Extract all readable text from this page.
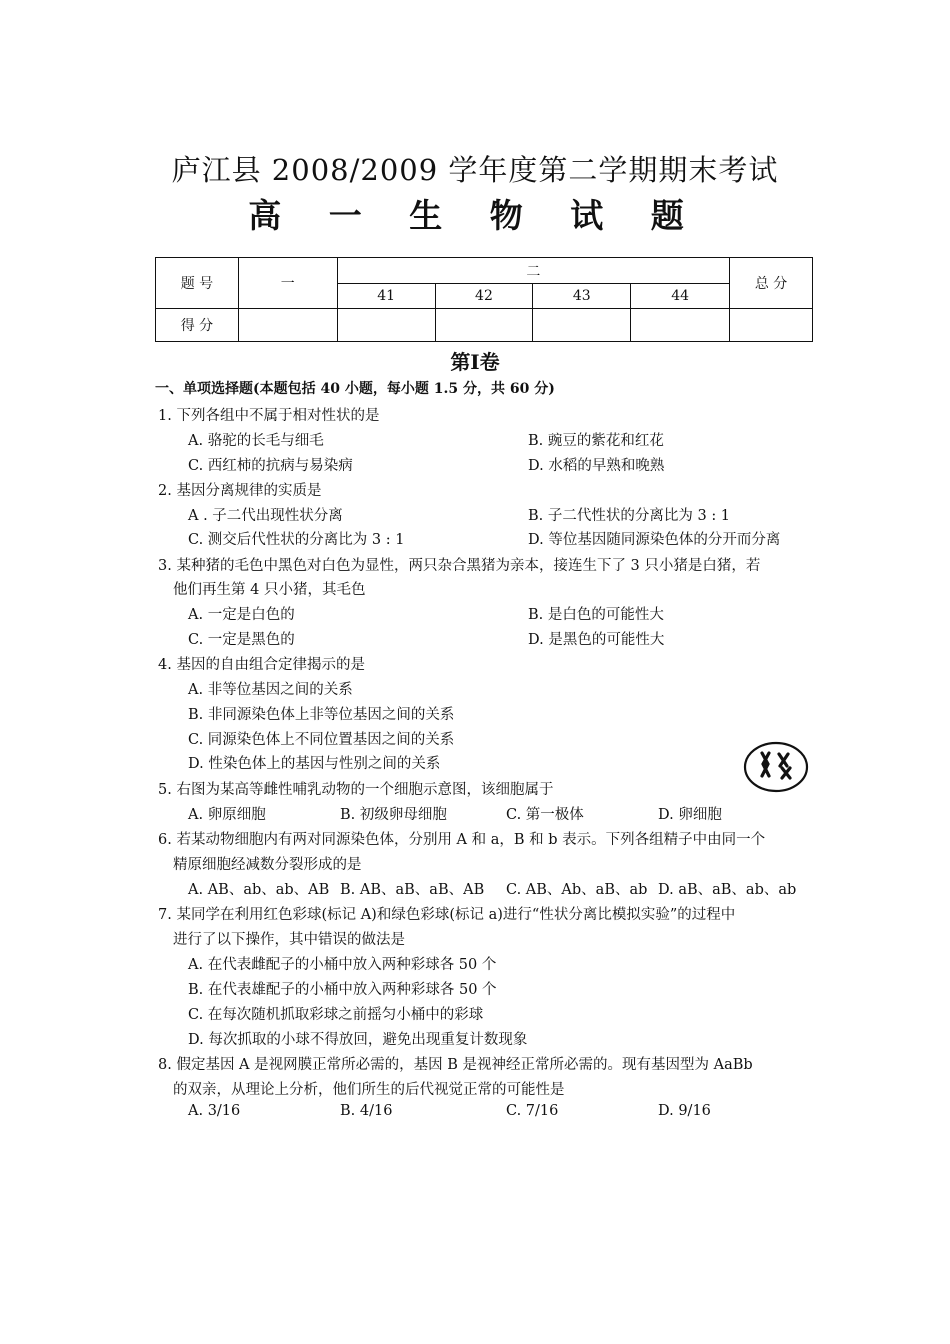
庐江县 2008/2009 学年度第二学期期末考试
高 一 生 物 试 题
题 号	一	二				总 分
		41	42	43	44	
得 分						
第Ⅰ卷
一、单项选择题(本题包括 40 小题，每小题 1.5 分，共 60 分)
1. 下列各组中不属于相对性状的是
A. 骆驼的长毛与细毛	B. 豌豆的紫花和红花
C. 西红柿的抗病与易染病	D. 水稻的早熟和晚熟
2. 基因分离规律的实质是
A . 子二代出现性状分离	B. 子二代性状的分离比为 3 : 1
C. 测交后代性状的分离比为 3 : 1	D. 等位基因随同源染色体的分开而分离
3. 某种猪的毛色中黑色对白色为显性，两只杂合黑猪为亲本，接连生下了 3 只小猪是白猪，若
他们再生第 4 只小猪，其毛色
A. 一定是白色的	B. 是白色的可能性大
C. 一定是黑色的	D. 是黑色的可能性大
4. 基因的自由组合定律揭示的是
A. 非等位基因之间的关系
B. 非同源染色体上非等位基因之间的关系
C. 同源染色体上不同位置基因之间的关系
D. 性染色体上的基因与性别之间的关系
5. 右图为某高等雌性哺乳动物的一个细胞示意图，该细胞属于
A. 卵原细胞	B. 初级卵母细胞	C. 第一极体	D. 卵细胞
6. 若某动物细胞内有两对同源染色体，分别用 A 和 a，B 和 b 表示。下列各组精子中由同一个
精原细胞经减数分裂形成的是
A. AB、ab、ab、AB B. AB、aB、aB、AB C. AB、Ab、aB、ab D. aB、aB、ab、ab
7. 某同学在利用红色彩球(标记 A)和绿色彩球(标记 a)进行“性状分离比模拟实验”的过程中
进行了以下操作，其中错误的做法是
A. 在代表雌配子的小桶中放入两种彩球各 50 个
B. 在代表雄配子的小桶中放入两种彩球各 50 个
C. 在每次随机抓取彩球之前摇匀小桶中的彩球
D. 每次抓取的小球不得放回，避免出现重复计数现象
8. 假定基因 A 是视网膜正常所必需的，基因 B 是视神经正常所必需的。现有基因型为 AaBb
的双亲，从理论上分析，他们所生的后代视觉正常的可能性是
A. 3/16	B. 4/16	C. 7/16	D. 9/16
